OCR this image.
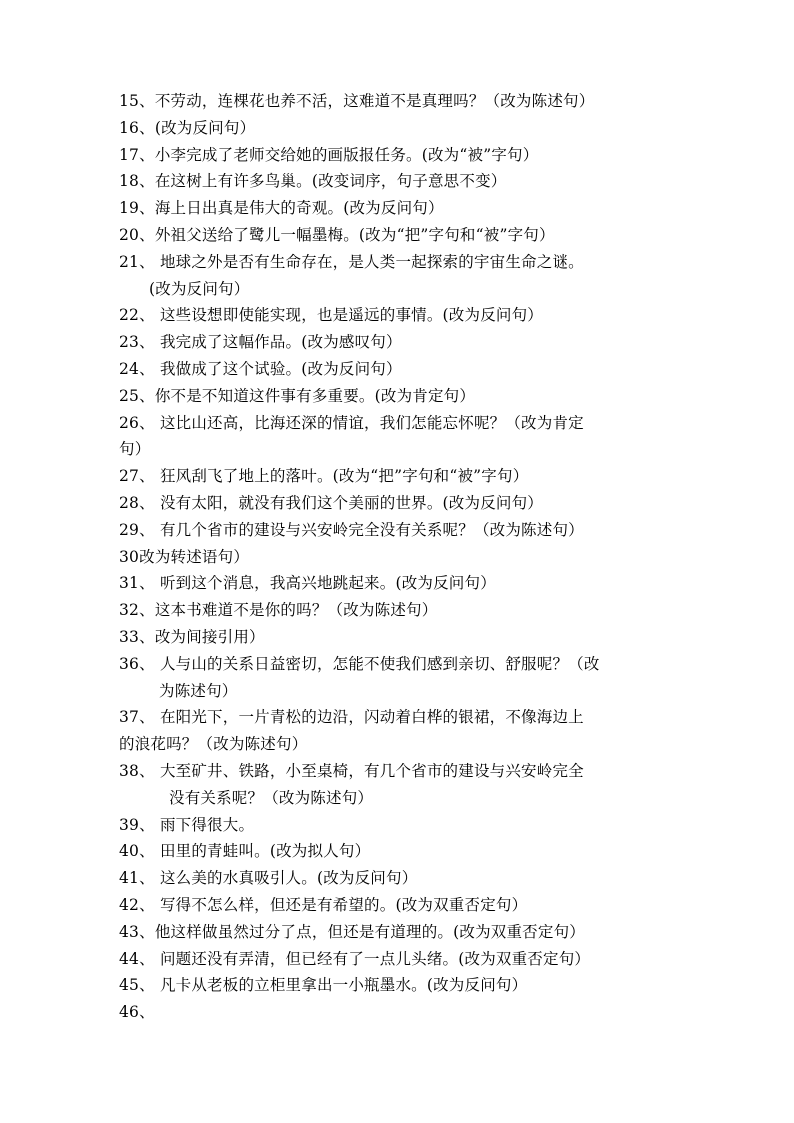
15、不劳动，连棵花也养不活，这难道不是真理吗？（改为陈述句）
16、(改为反问句）
17、小李完成了老师交给她的画版报任务。(改为“被”字句）
18、在这树上有许多鸟巢。(改变词序，句子意思不变）
19、海上日出真是伟大的奇观。(改为反问句）
20、外祖父送给了鹭儿一幅墨梅。(改为“把”字句和“被”字句）
21、 地球之外是否有生命存在，是人类一起探索的宇宙生命之谜。
(改为反问句）
22、 这些设想即使能实现，也是遥远的事情。(改为反问句）
23、 我完成了这幅作品。(改为感叹句）
24、 我做成了这个试验。(改为反问句）
25、你不是不知道这件事有多重要。(改为肯定句）
26、 这比山还高，比海还深的情谊，我们怎能忘怀呢？（改为肯定
句）
27、 狂风刮飞了地上的落叶。(改为“把”字句和“被”字句）
28、 没有太阳，就没有我们这个美丽的世界。(改为反问句）
29、 有几个省市的建设与兴安岭完全没有关系呢？（改为陈述句）
30改为转述语句）
31、 听到这个消息，我高兴地跳起来。(改为反问句）
32、这本书难道不是你的吗？（改为陈述句）
33、改为间接引用）
36、 人与山的关系日益密切，怎能不使我们感到亲切、舒服呢？（改
为陈述句）
37、 在阳光下，一片青松的边沿，闪动着白桦的银裙，不像海边上
的浪花吗？（改为陈述句）
38、 大至矿井、铁路，小至桌椅，有几个省市的建设与兴安岭完全
没有关系呢？（改为陈述句）
39、 雨下得很大。
40、 田里的青蛙叫。(改为拟人句）
41、 这么美的水真吸引人。(改为反问句）
42、 写得不怎么样，但还是有希望的。(改为双重否定句）
43、他这样做虽然过分了点，但还是有道理的。(改为双重否定句）
44、 问题还没有弄清，但已经有了一点儿头绪。(改为双重否定句）
45、 凡卡从老板的立柜里拿出一小瓶墨水。(改为反问句）
46、
